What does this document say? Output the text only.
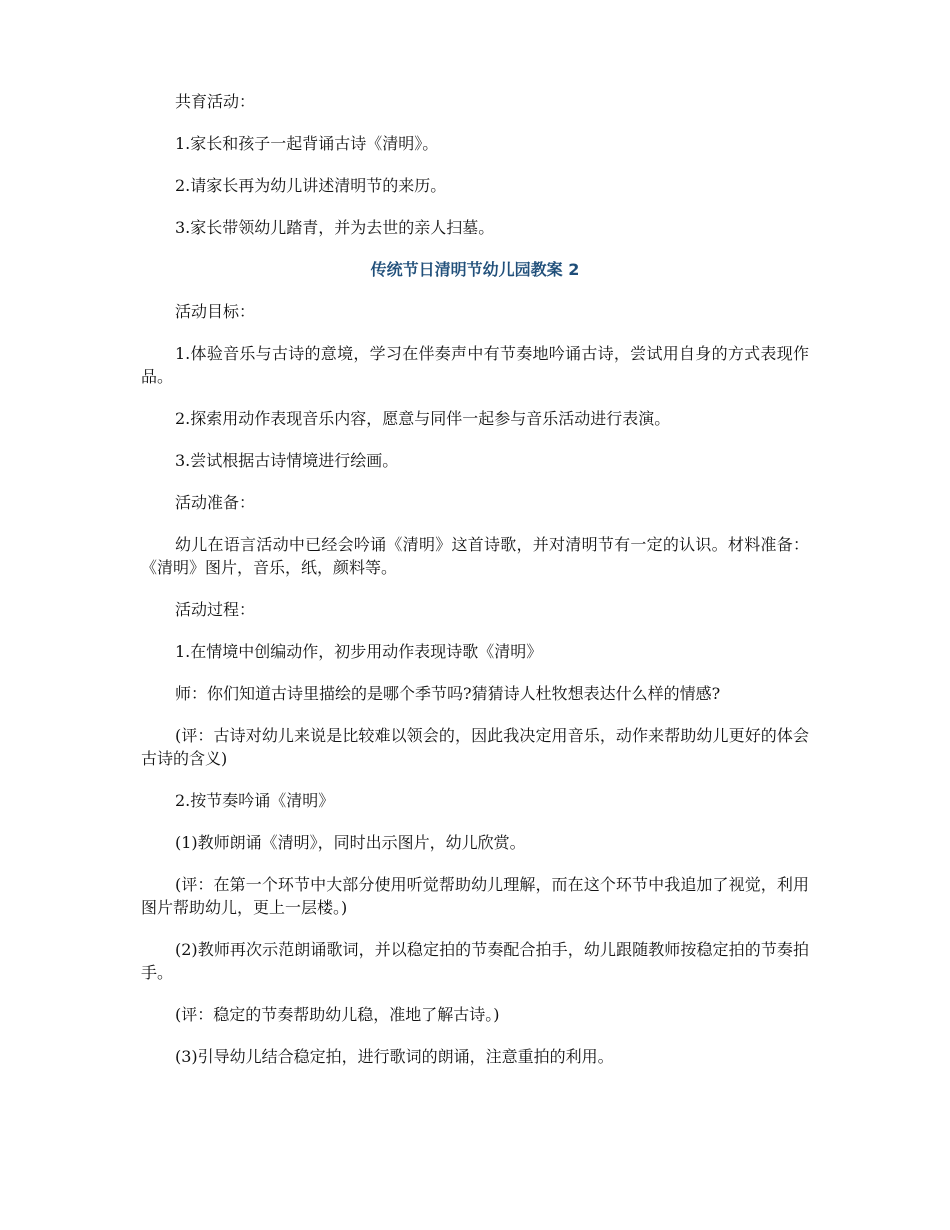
共育活动：

1.家长和孩子一起背诵古诗《清明》。

2.请家长再为幼儿讲述清明节的来历。

3.家长带领幼儿踏青，并为去世的亲人扫墓。

传统节日清明节幼儿园教案 2

活动目标：

1.体验音乐与古诗的意境，学习在伴奏声中有节奏地吟诵古诗，尝试用自身的方式表现作品。

2.探索用动作表现音乐内容，愿意与同伴一起参与音乐活动进行表演。

3.尝试根据古诗情境进行绘画。

活动准备：

幼儿在语言活动中已经会吟诵《清明》这首诗歌，并对清明节有一定的认识。材料准备：《清明》图片，音乐，纸，颜料等。

活动过程：

1.在情境中创编动作，初步用动作表现诗歌《清明》

师：你们知道古诗里描绘的是哪个季节吗?猜猜诗人杜牧想表达什么样的情感?

(评：古诗对幼儿来说是比较难以领会的，因此我决定用音乐，动作来帮助幼儿更好的体会古诗的含义)

2.按节奏吟诵《清明》

(1)教师朗诵《清明》，同时出示图片，幼儿欣赏。

(评：在第一个环节中大部分使用听觉帮助幼儿理解，而在这个环节中我追加了视觉，利用图片帮助幼儿，更上一层楼。)

(2)教师再次示范朗诵歌词，并以稳定拍的节奏配合拍手，幼儿跟随教师按稳定拍的节奏拍手。

(评：稳定的节奏帮助幼儿稳，准地了解古诗。)

(3)引导幼儿结合稳定拍，进行歌词的朗诵，注意重拍的利用。
